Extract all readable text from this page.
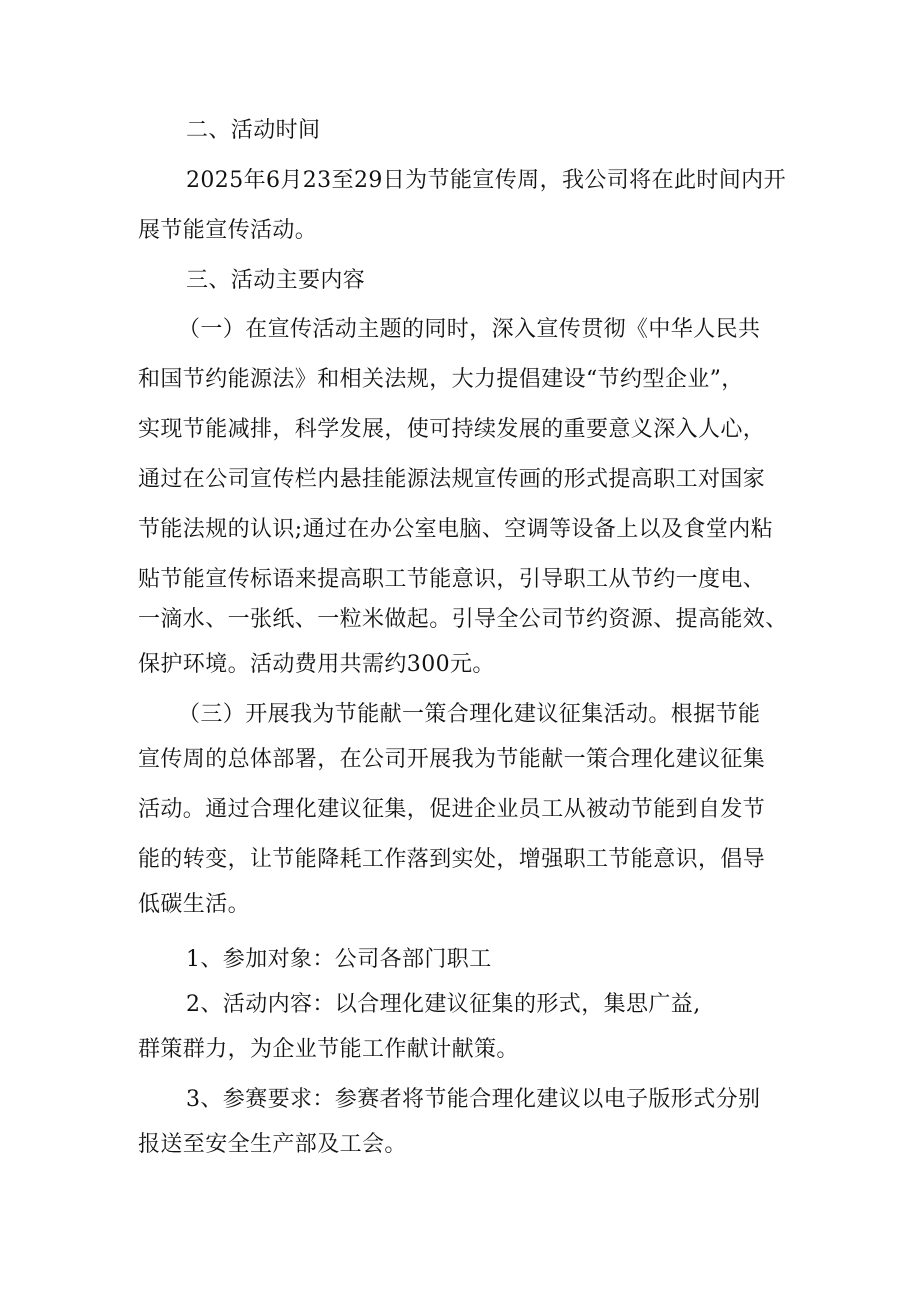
二、活动时间
2025年6月23至29日为节能宣传周，我公司将在此时间内开
展节能宣传活动。
三、活动主要内容
（一）在宣传活动主题的同时，深入宣传贯彻《中华人民共
和国节约能源法》和相关法规，大力提倡建设“节约型企业”，
实现节能减排，科学发展，使可持续发展的重要意义深入人心，
通过在公司宣传栏内悬挂能源法规宣传画的形式提高职工对国家
节能法规的认识;通过在办公室电脑、空调等设备上以及食堂内粘
贴节能宣传标语来提高职工节能意识，引导职工从节约一度电、
一滴水、一张纸、一粒米做起。引导全公司节约资源、提高能效、
保护环境。活动费用共需约300元。
（三）开展我为节能献一策合理化建议征集活动。根据节能
宣传周的总体部署，在公司开展我为节能献一策合理化建议征集
活动。通过合理化建议征集，促进企业员工从被动节能到自发节
能的转变，让节能降耗工作落到实处，增强职工节能意识，倡导
低碳生活。
1、参加对象：公司各部门职工
2、活动内容：以合理化建议征集的形式，集思广益,
群策群力，为企业节能工作献计献策。
3、参赛要求：参赛者将节能合理化建议以电子版形式分别
报送至安全生产部及工会。
